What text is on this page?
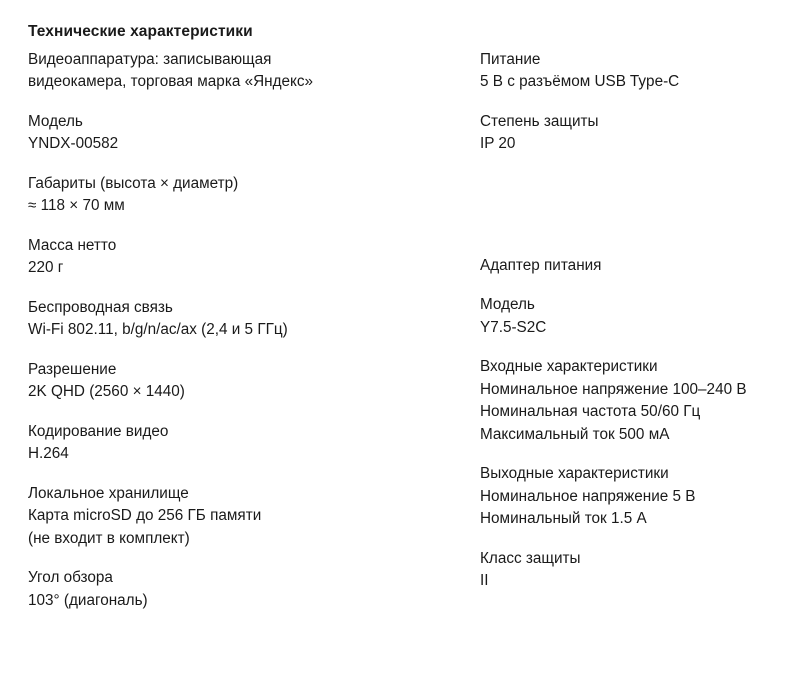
Технические характеристики
Видеоаппаратура: записывающая
видеокамера, торговая марка «Яндекс»
Модель
YNDX-00582
Габариты (высота × диаметр)
≈ 118 × 70 мм
Масса нетто
220 г
Беспроводная связь
Wi-Fi 802.11, b/g/n/ac/ax (2,4 и 5 ГГц)
Разрешение
2K QHD (2560 × 1440)
Кодирование видео
H.264
Локальное хранилище
Карта microSD до 256 ГБ памяти
(не входит в комплект)
Угол обзора
103° (диагональ)
Питание
5 В с разъёмом USB Type-C
Степень защиты
IP 20
Адаптер питания
Модель
Y7.5-S2C
Входные характеристики
Номинальное напряжение 100–240 В
Номинальная частота 50/60 Гц
Максимальный ток 500 мА
Выходные характеристики
Номинальное напряжение 5 В
Номинальный ток 1.5 А
Класс защиты
II
